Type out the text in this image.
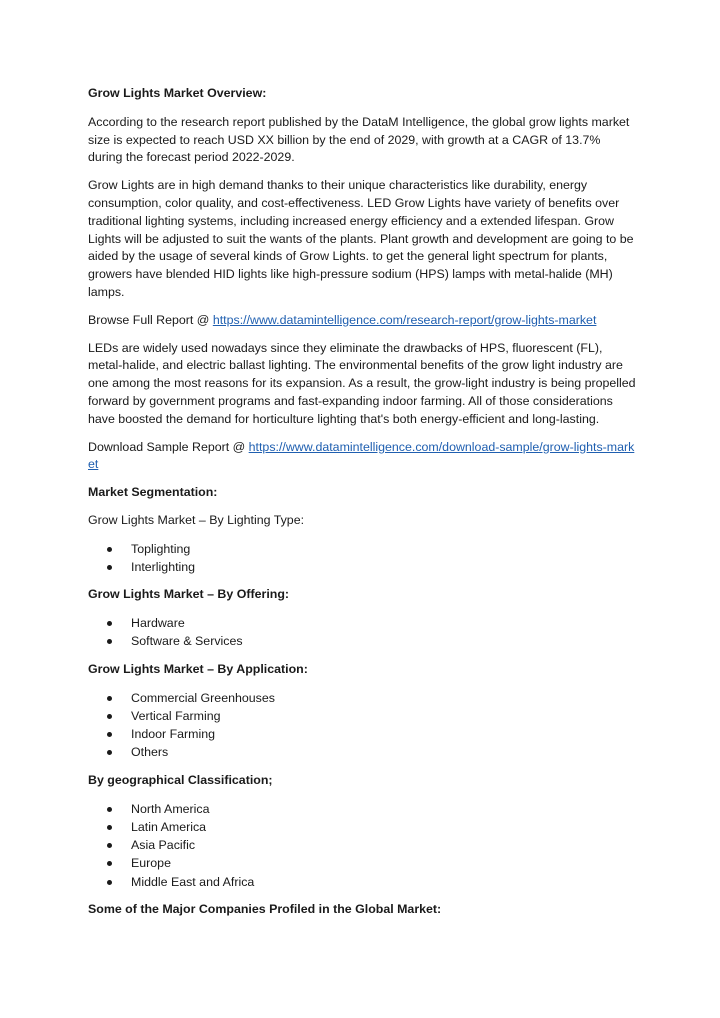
Grow Lights Market Overview:

According to the research report published by the DataM Intelligence, the global grow lights market size is expected to reach USD XX billion by the end of 2029, with growth at a CAGR of 13.7% during the forecast period 2022-2029.

Grow Lights are in high demand thanks to their unique characteristics like durability, energy consumption, color quality, and cost-effectiveness. LED Grow Lights have variety of benefits over traditional lighting systems, including increased energy efficiency and a extended lifespan. Grow Lights will be adjusted to suit the wants of the plants. Plant growth and development are going to be aided by the usage of several kinds of Grow Lights. to get the general light spectrum for plants, growers have blended HID lights like high-pressure sodium (HPS) lamps with metal-halide (MH) lamps.

Browse Full Report @ https://www.datamintelligence.com/research-report/grow-lights-market

LEDs are widely used nowadays since they eliminate the drawbacks of HPS, fluorescent (FL), metal-halide, and electric ballast lighting. The environmental benefits of the grow light industry are one among the most reasons for its expansion. As a result, the grow-light industry is being propelled forward by government programs and fast-expanding indoor farming. All of those considerations have boosted the demand for horticulture lighting that's both energy-efficient and long-lasting.

Download Sample Report @ https://www.datamintelligence.com/download-sample/grow-lights-market

Market Segmentation:

Grow Lights Market – By Lighting Type:

Toplighting
Interlighting

Grow Lights Market – By Offering:

Hardware
Software & Services

Grow Lights Market – By Application:

Commercial Greenhouses
Vertical Farming
Indoor Farming
Others

By geographical Classification;

North America
Latin America
Asia Pacific
Europe
Middle East and Africa

Some of the Major Companies Profiled in the Global Market:
